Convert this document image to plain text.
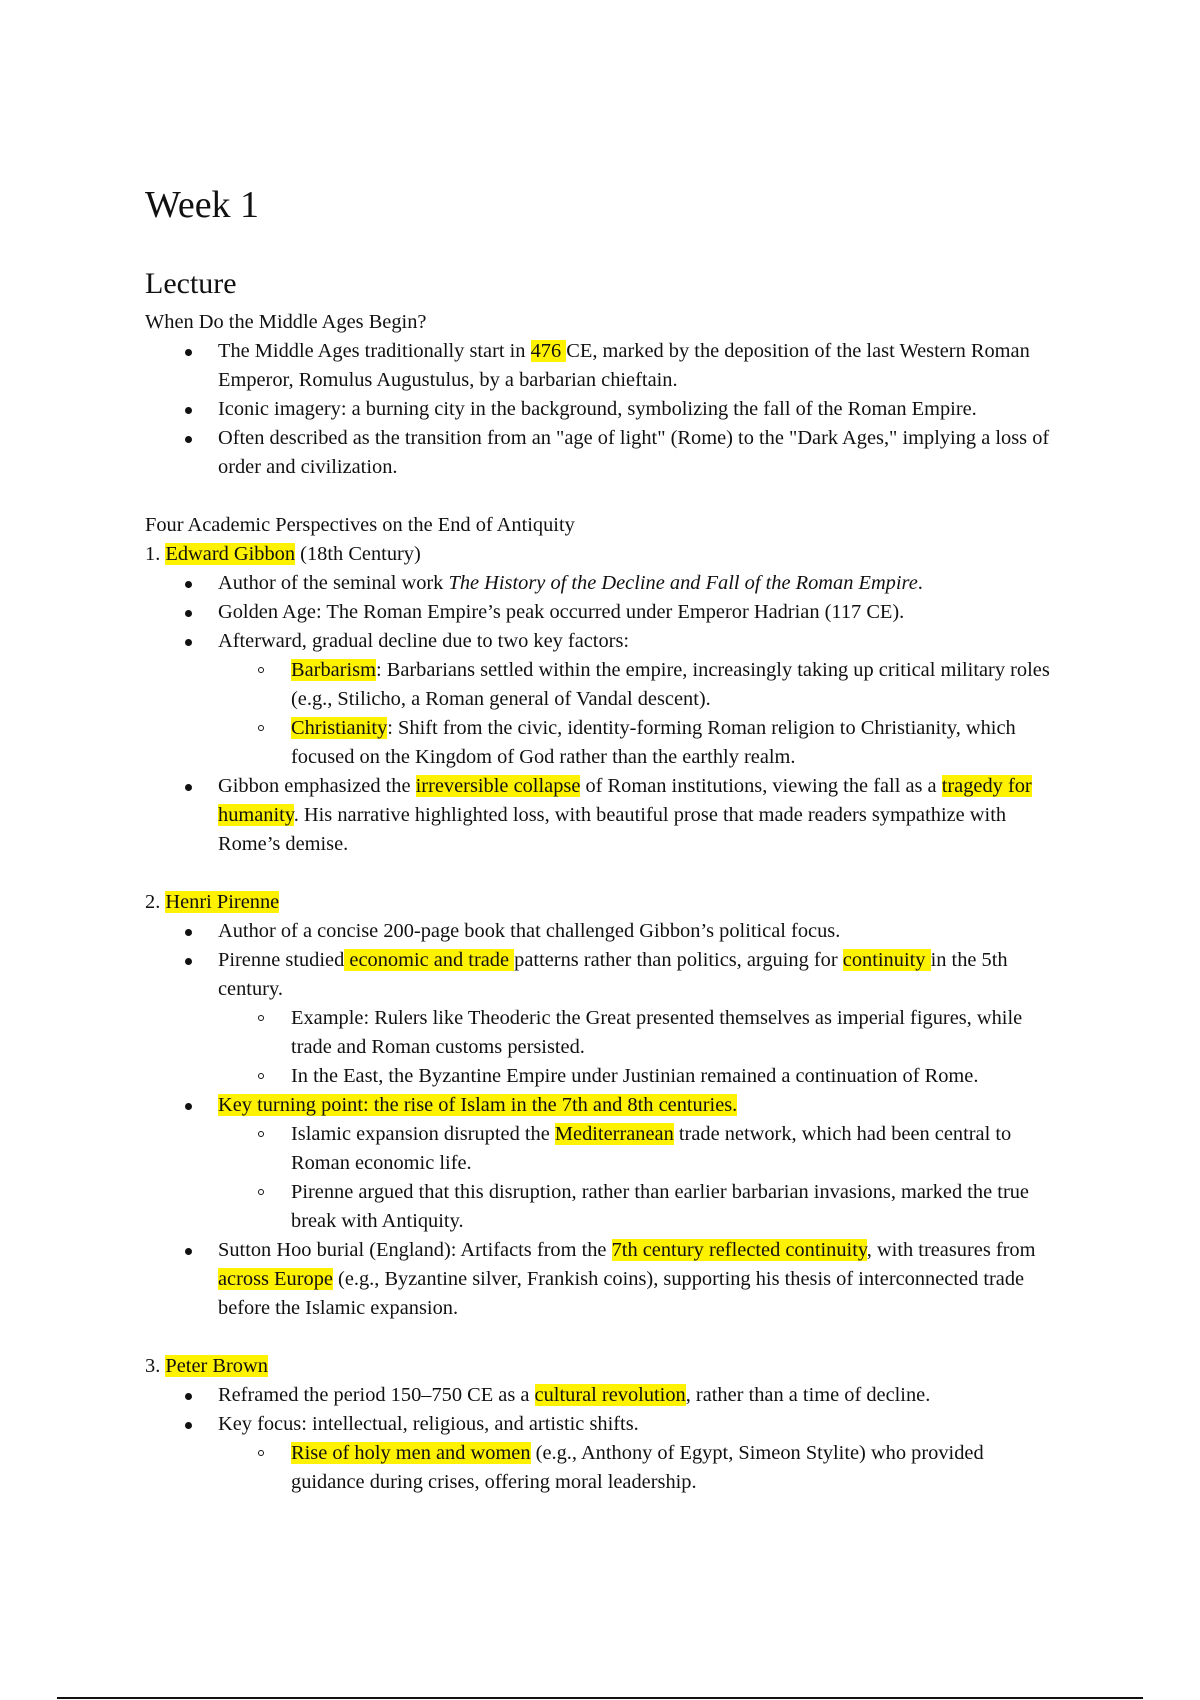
Week 1
Lecture

When Do the Middle Ages Begin?

The Middle Ages traditionally start in 476 CE, marked by the deposition of the last Western Roman Emperor, Romulus Augustulus, by a barbarian chieftain.
Iconic imagery: a burning city in the background, symbolizing the fall of the Roman Empire.
Often described as the transition from an "age of light" (Rome) to the "Dark Ages," implying a loss of order and civilization.

Four Academic Perspectives on the End of Antiquity

1. Edward Gibbon (18th Century)

Author of the seminal work The History of the Decline and Fall of the Roman Empire.
Golden Age: The Roman Empire’s peak occurred under Emperor Hadrian (117 CE).
Afterward, gradual decline due to two key factors:
Barbarism: Barbarians settled within the empire, increasingly taking up critical military roles (e.g., Stilicho, a Roman general of Vandal descent).
Christianity: Shift from the civic, identity-forming Roman religion to Christianity, which focused on the Kingdom of God rather than the earthly realm.
Gibbon emphasized the irreversible collapse of Roman institutions, viewing the fall as a tragedy for humanity. His narrative highlighted loss, with beautiful prose that made readers sympathize with Rome’s demise.

2. Henri Pirenne

Author of a concise 200-page book that challenged Gibbon’s political focus.
Pirenne studied economic and trade patterns rather than politics, arguing for continuity in the 5th century.
Example: Rulers like Theoderic the Great presented themselves as imperial figures, while trade and Roman customs persisted.
In the East, the Byzantine Empire under Justinian remained a continuation of Rome.
Key turning point: the rise of Islam in the 7th and 8th centuries.
Islamic expansion disrupted the Mediterranean trade network, which had been central to Roman economic life.
Pirenne argued that this disruption, rather than earlier barbarian invasions, marked the true break with Antiquity.
Sutton Hoo burial (England): Artifacts from the 7th century reflected continuity, with treasures from across Europe (e.g., Byzantine silver, Frankish coins), supporting his thesis of interconnected trade before the Islamic expansion.

3. Peter Brown

Reframed the period 150–750 CE as a cultural revolution, rather than a time of decline.
Key focus: intellectual, religious, and artistic shifts.
Rise of holy men and women (e.g., Anthony of Egypt, Simeon Stylite) who provided guidance during crises, offering moral leadership.
